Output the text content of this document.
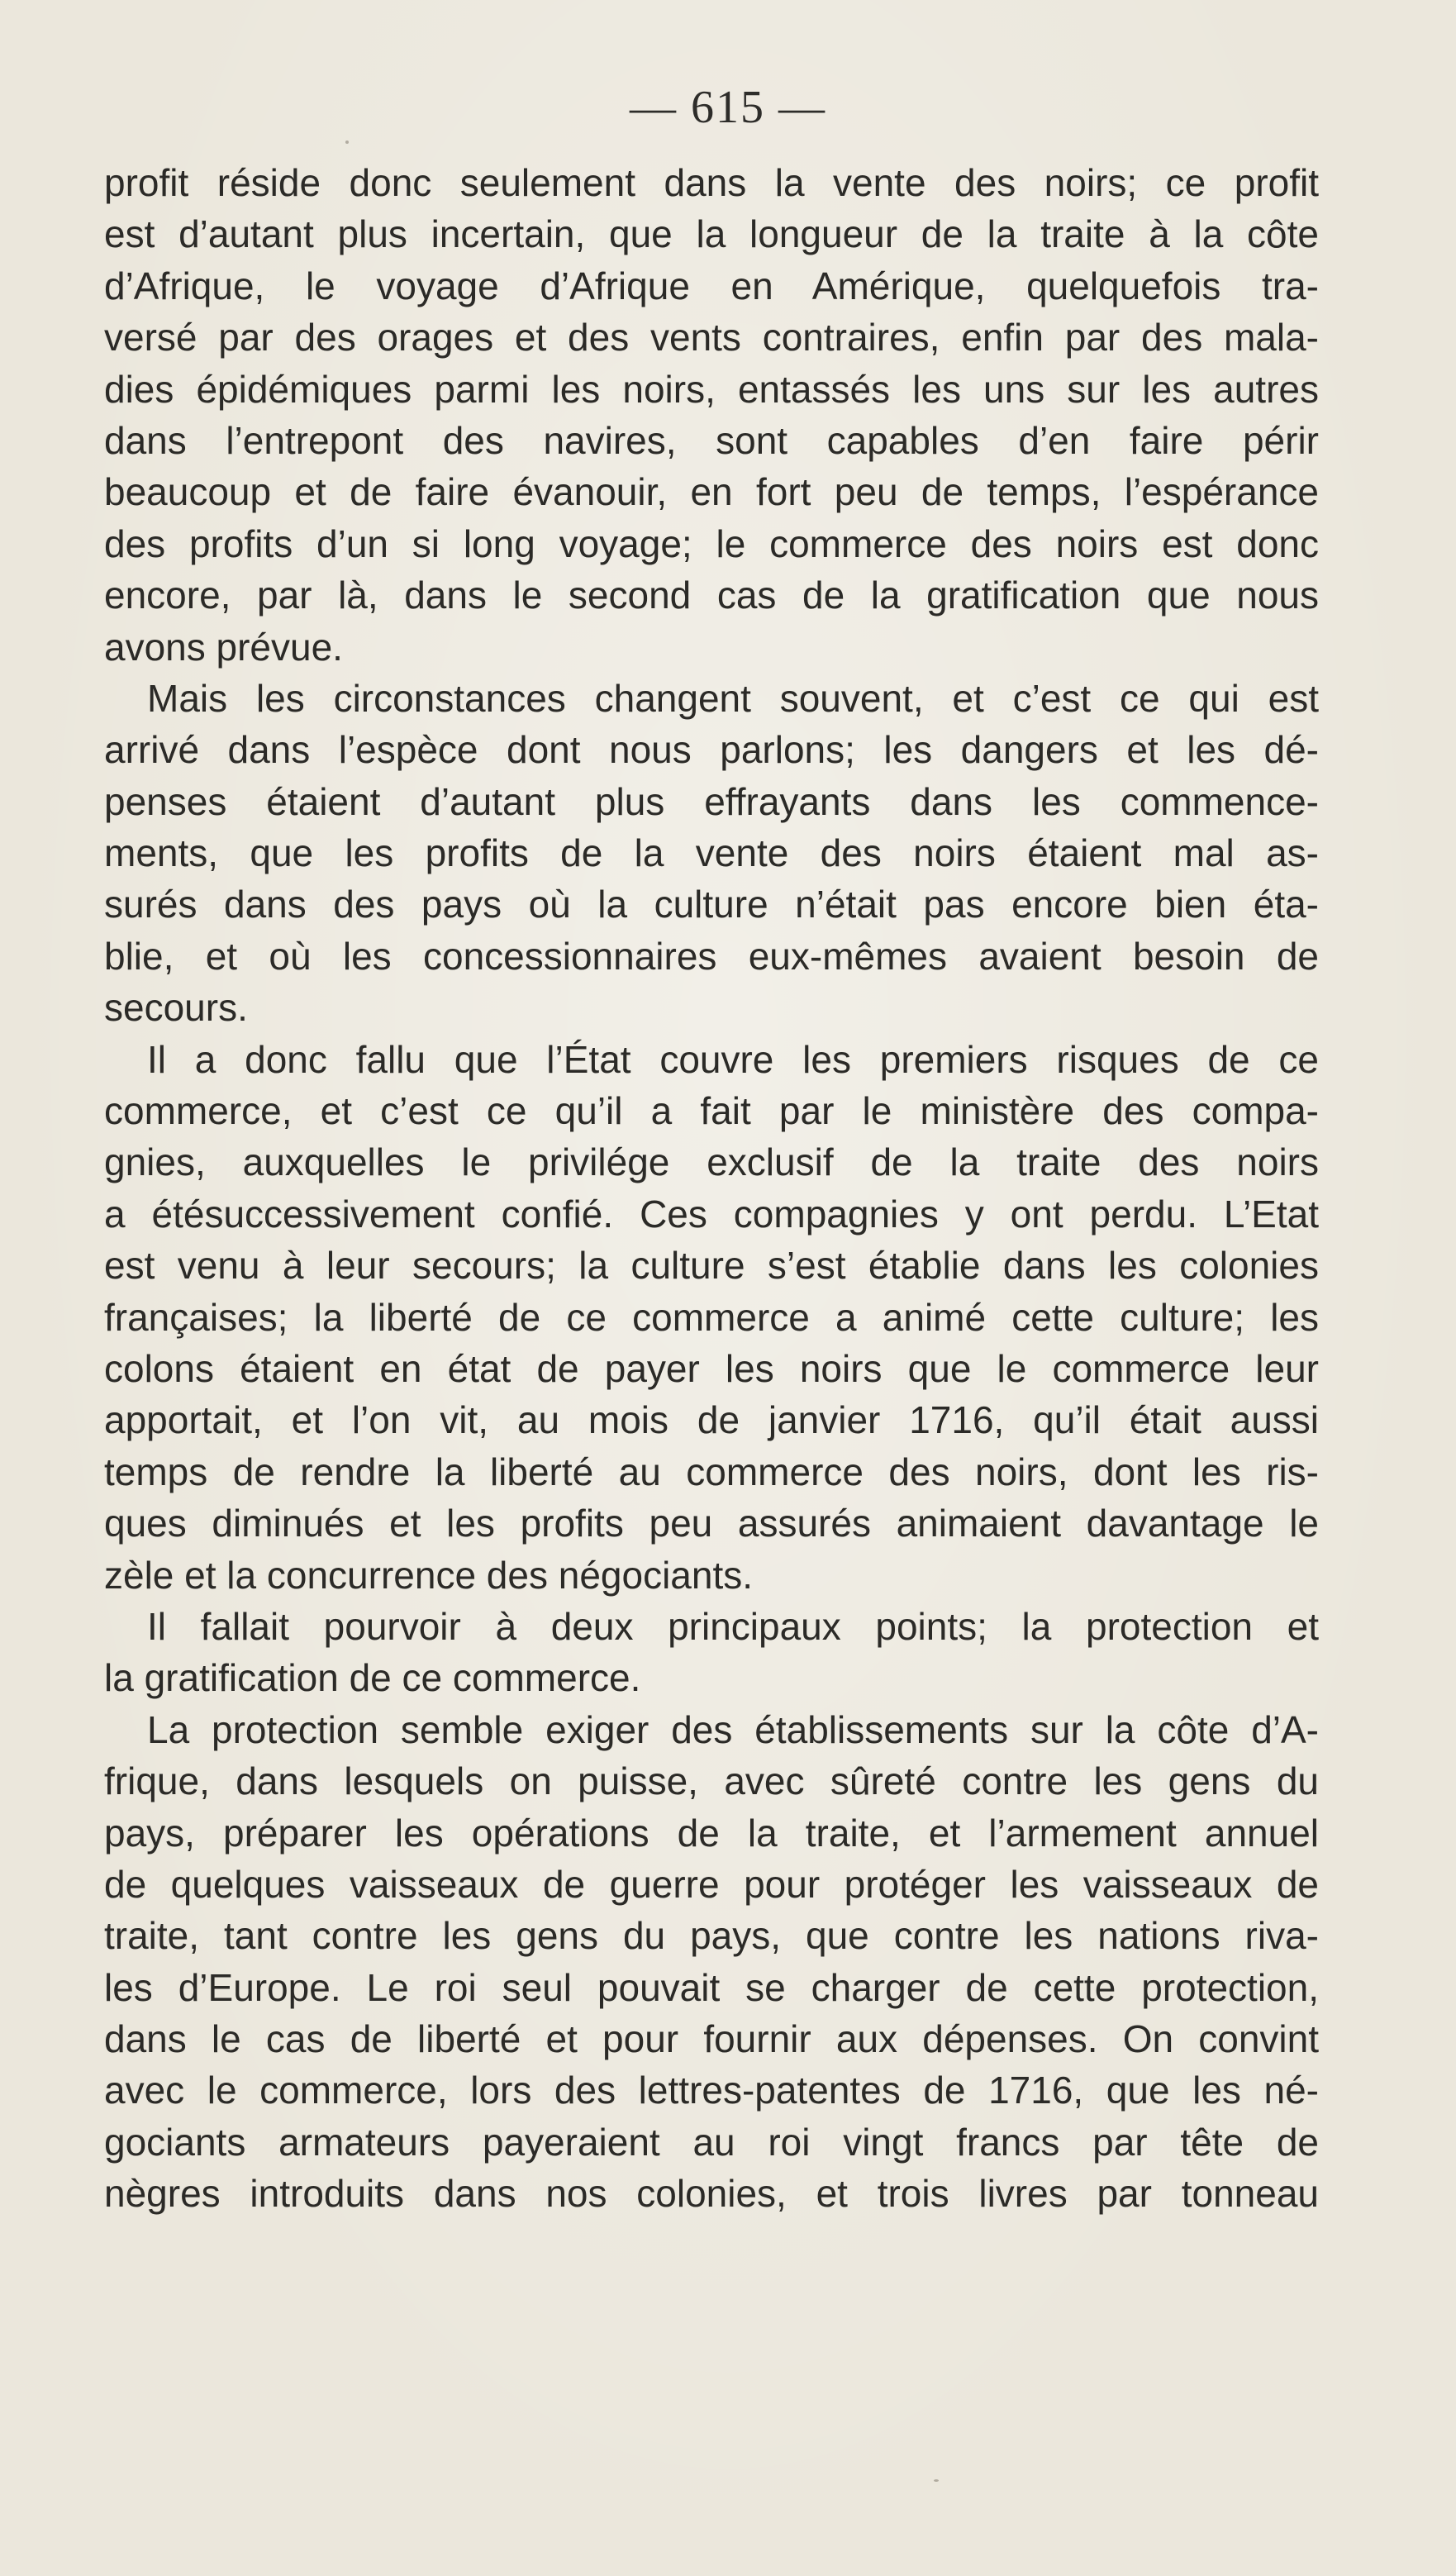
— 615 —
profit réside donc seulement dans la vente des noirs; ce profit
est d’autant plus incertain, que la longueur de la traite à la côte
d’Afrique, le voyage d’Afrique en Amérique, quelquefois tra-
versé par des orages et des vents contraires, enfin par des mala-
dies épidémiques parmi les noirs, entassés les uns sur les autres
dans l’entrepont des navires, sont capables d’en faire périr
beaucoup et de faire évanouir, en fort peu de temps, l’espérance
des profits d’un si long voyage; le commerce des noirs est donc
encore, par là, dans le second cas de la gratification que nous
avons prévue.
Mais les circonstances changent souvent, et c’est ce qui est
arrivé dans l’espèce dont nous parlons; les dangers et les dé-
penses étaient d’autant plus effrayants dans les commence-
ments, que les profits de la vente des noirs étaient mal as-
surés dans des pays où la culture n’était pas encore bien éta-
blie, et où les concessionnaires eux-mêmes avaient besoin de
secours.
Il a donc fallu que l’État couvre les premiers risques de ce
commerce, et c’est ce qu’il a fait par le ministère des compa-
gnies, auxquelles le privilége exclusif de la traite des noirs
a étésuccessivement confié. Ces compagnies y ont perdu. L’Etat
est venu à leur secours; la culture s’est établie dans les colonies
françaises; la liberté de ce commerce a animé cette culture; les
colons étaient en état de payer les noirs que le commerce leur
apportait, et l’on vit, au mois de janvier 1716, qu’il était aussi
temps de rendre la liberté au commerce des noirs, dont les ris-
ques diminués et les profits peu assurés animaient davantage le
zèle et la concurrence des négociants.
Il fallait pourvoir à deux principaux points; la protection et
la gratification de ce commerce.
La protection semble exiger des établissements sur la côte d’A-
frique, dans lesquels on puisse, avec sûreté contre les gens du
pays, préparer les opérations de la traite, et l’armement annuel
de quelques vaisseaux de guerre pour protéger les vaisseaux de
traite, tant contre les gens du pays, que contre les nations riva-
les d’Europe. Le roi seul pouvait se charger de cette protection,
dans le cas de liberté et pour fournir aux dépenses. On convint
avec le commerce, lors des lettres-patentes de 1716, que les né-
gociants armateurs payeraient au roi vingt francs par tête de
nègres introduits dans nos colonies, et trois livres par tonneau
